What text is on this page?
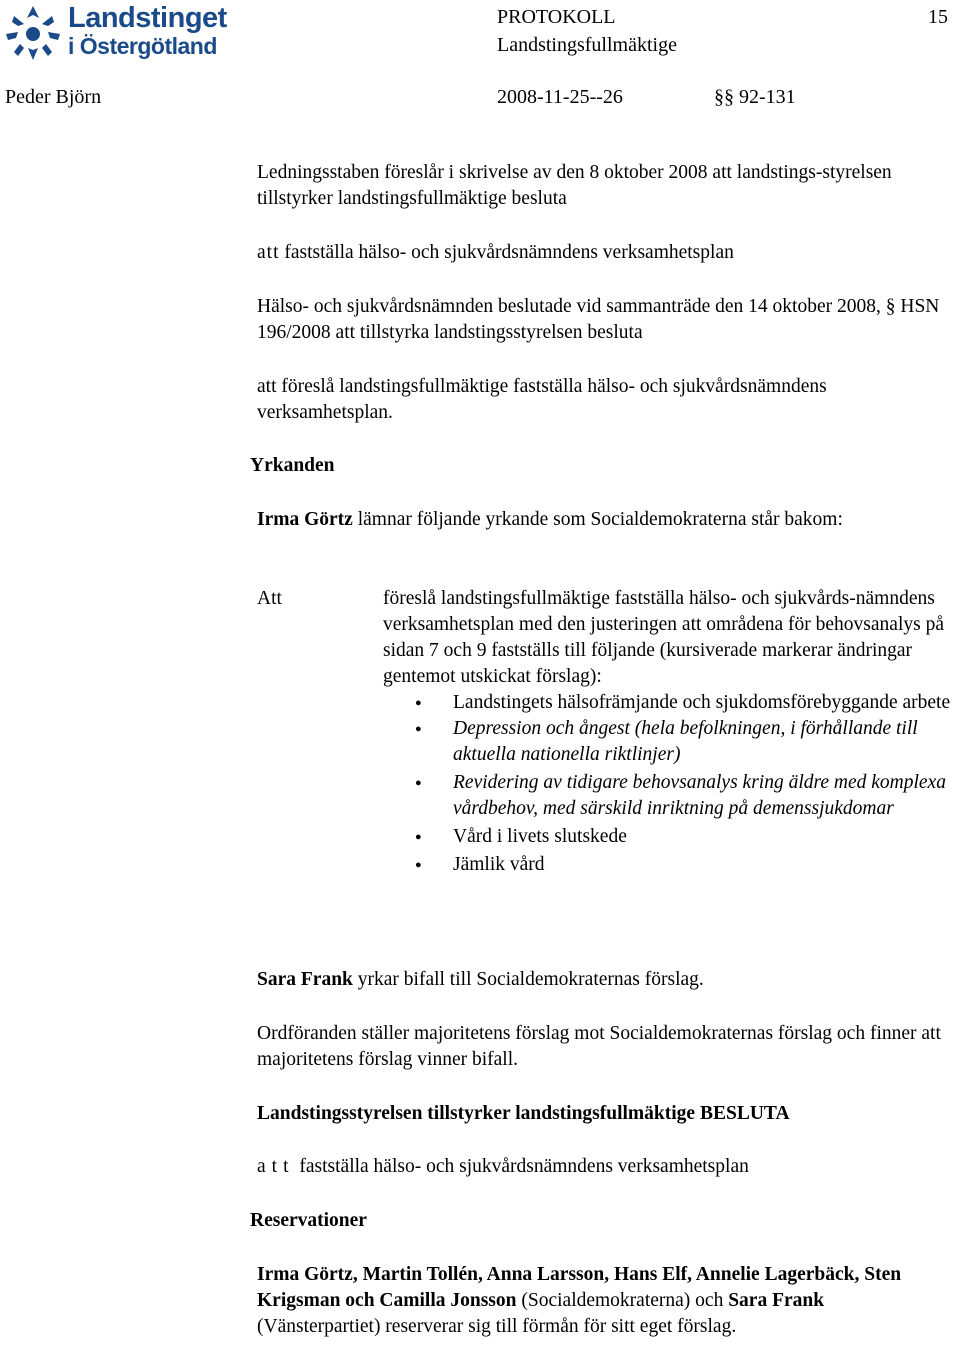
Landstinget
i Östergötland
PROTOKOLL
Landstingsfullmäktige
15
Peder Björn	2008-11-25--26	§§ 92-131
Ledningsstaben föreslår i skrivelse av den 8 oktober 2008 att landstings-styrelsen tillstyrker landstingsfullmäktige besluta
att fastställa hälso- och sjukvårdsnämndens verksamhetsplan
Hälso- och sjukvårdsnämnden beslutade vid sammanträde den 14 oktober 2008, § HSN 196/2008 att tillstyrka landstingsstyrelsen besluta
att föreslå landstingsfullmäktige fastställa hälso- och sjukvårdsnämndens verksamhetsplan.
Yrkanden
Irma Görtz lämnar följande yrkande som Socialdemokraterna står bakom:
Att	föreslå landstingsfullmäktige fastställa hälso- och sjukvårds-nämndens verksamhetsplan med den justeringen att områdena för behovsanalys på sidan 7 och 9 fastställs till följande (kursiverade markerar ändringar gentemot utskickat förslag):
● Landstingets hälsofrämjande och sjukdomsförebyggande arbete
● Depression och ångest (hela befolkningen, i förhållande till aktuella nationella riktlinjer)
● Revidering av tidigare behovsanalys kring äldre med komplexa vårdbehov, med särskild inriktning på demenssjukdomar
● Vård i livets slutskede
● Jämlik vård
Sara Frank yrkar bifall till Socialdemokraternas förslag.
Ordföranden ställer majoritetens förslag mot Socialdemokraternas förslag och finner att majoritetens förslag vinner bifall.
Landstingsstyrelsen tillstyrker landstingsfullmäktige BESLUTA
att fastställa hälso- och sjukvårdsnämndens verksamhetsplan
Reservationer
Irma Görtz, Martin Tollén, Anna Larsson, Hans Elf, Annelie Lagerbäck, Sten Krigsman och Camilla Jonsson (Socialdemokraterna) och Sara Frank (Vänsterpartiet) reserverar sig till förmån för sitt eget förslag.
